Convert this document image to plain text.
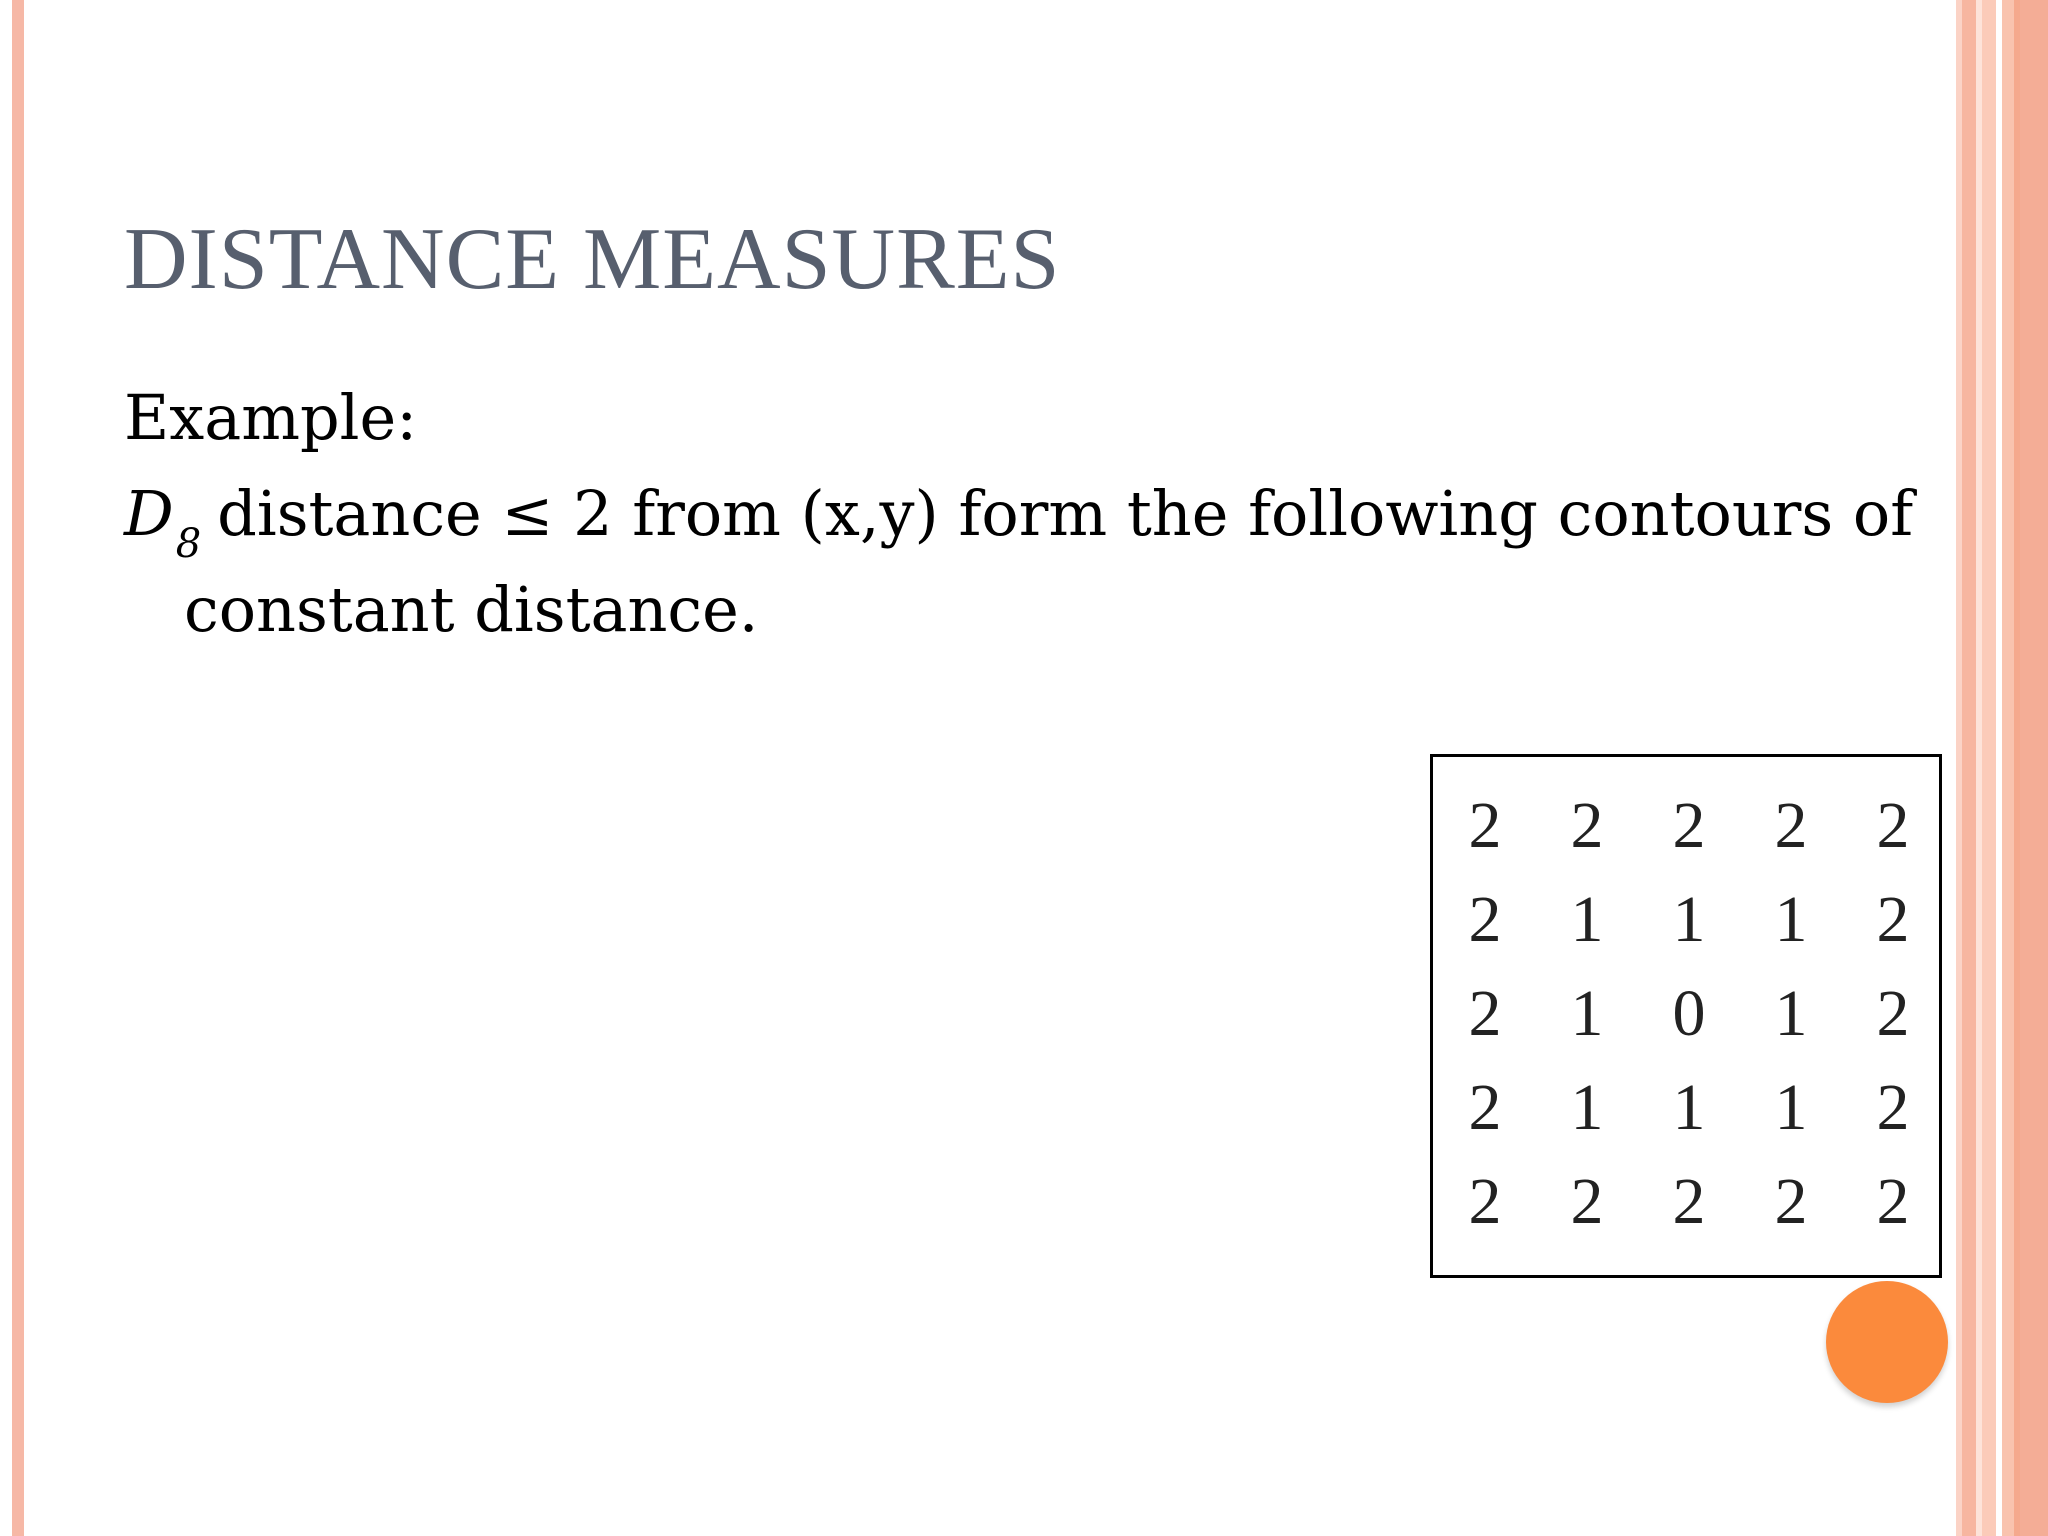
DISTANCE MEASURES
Example:
$D_8$ distance ≤ 2 from (x,y) form the following contours of
constant distance.
2	2	2	2	2
2	1	1	1	2
2	1	0	1	2
2	1	1	1	2
2	2	2	2	2
